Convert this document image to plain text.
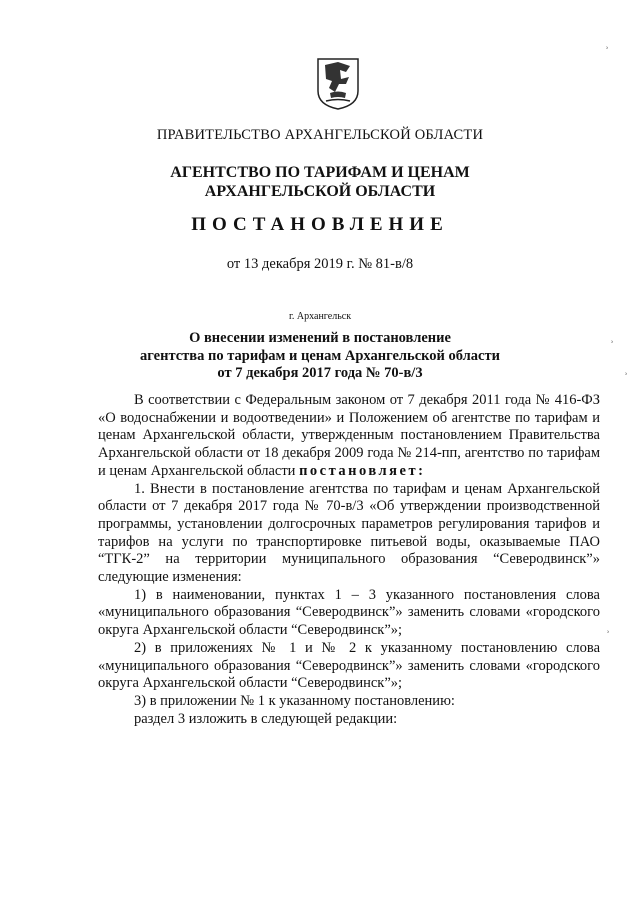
ПРАВИТЕЛЬСТВО АРХАНГЕЛЬСКОЙ ОБЛАСТИ
АГЕНТСТВО ПО ТАРИФАМ И ЦЕНАМ
АРХАНГЕЛЬСКОЙ ОБЛАСТИ
ПОСТАНОВЛЕНИЕ
от 13 декабря 2019 г. № 81-в/8
г. Архангельск
О внесении изменений в постановление
агентства по тарифам и ценам Архангельской области
от 7 декабря 2017 года № 70-в/3

В соответствии с Федеральным законом от 7 декабря 2011 года № 416-ФЗ «О водоснабжении и водоотведении» и Положением об агентстве по тарифам и ценам Архангельской области, утвержденным постановлением Правительства Архангельской области от 18 декабря 2009 года № 214-пп, агентство по тарифам и ценам Архангельской области постановляет:

1. Внести в постановление агентства по тарифам и ценам Архангельской области от 7 декабря 2017 года № 70-в/3 «Об утверждении производственной программы, установлении долгосрочных параметров регулирования тарифов и тарифов на услуги по транспортировке питьевой воды, оказываемые ПАО “ТГК-2” на территории муниципального образования “Северодвинск”» следующие изменения:

1) в наименовании, пунктах 1 – 3 указанного постановления слова «муниципального образования “Северодвинск”» заменить словами «городского округа Архангельской области “Северодвинск”»;

2) в приложениях № 1 и № 2 к указанному постановлению слова «муниципального образования “Северодвинск”» заменить словами «городского округа Архангельской области “Северодвинск”»;

3) в приложении № 1 к указанному постановлению:

раздел 3 изложить в следующей редакции:

ʾ
ʾ
ʾ
ʾ
